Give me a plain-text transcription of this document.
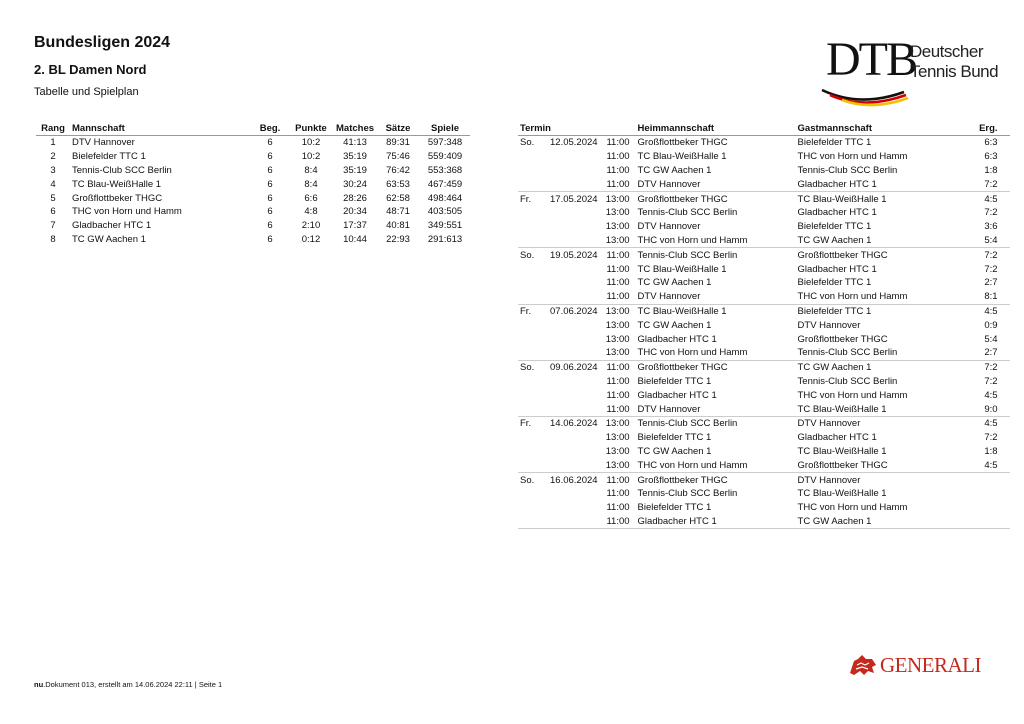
Bundesligen 2024
2. BL Damen Nord
Tabelle und Spielplan
DTB
Deutscher
Tennis Bund
Rang	Mannschaft	Beg.	Punkte	Matches	Sätze	Spiele
1	DTV Hannover	6	10:2	41:13	89:31	597:348
2	Bielefelder TTC 1	6	10:2	35:19	75:46	559:409
3	Tennis-Club SCC Berlin	6	8:4	35:19	76:42	553:368
4	TC Blau-WeißHalle 1	6	8:4	30:24	63:53	467:459
5	Großflottbeker THGC	6	6:6	28:26	62:58	498:464
6	THC von Horn und Hamm	6	4:8	20:34	48:71	403:505
7	Gladbacher HTC 1	6	2:10	17:37	40:81	349:551
8	TC GW Aachen 1	6	0:12	10:44	22:93	291:613
Termin			Heimmannschaft	Gastmannschaft	Erg.
So.	12.05.2024	11:00	Großflottbeker THGC	Bielefelder TTC 1	6:3
		11:00	TC Blau-WeißHalle 1	THC von Horn und Hamm	6:3
		11:00	TC GW Aachen 1	Tennis-Club SCC Berlin	1:8
		11:00	DTV Hannover	Gladbacher HTC 1	7:2
Fr.	17.05.2024	13:00	Großflottbeker THGC	TC Blau-WeißHalle 1	4:5
		13:00	Tennis-Club SCC Berlin	Gladbacher HTC 1	7:2
		13:00	DTV Hannover	Bielefelder TTC 1	3:6
		13:00	THC von Horn und Hamm	TC GW Aachen 1	5:4
So.	19.05.2024	11:00	Tennis-Club SCC Berlin	Großflottbeker THGC	7:2
		11:00	TC Blau-WeißHalle 1	Gladbacher HTC 1	7:2
		11:00	TC GW Aachen 1	Bielefelder TTC 1	2:7
		11:00	DTV Hannover	THC von Horn und Hamm	8:1
Fr.	07.06.2024	13:00	TC Blau-WeißHalle 1	Bielefelder TTC 1	4:5
		13:00	TC GW Aachen 1	DTV Hannover	0:9
		13:00	Gladbacher HTC 1	Großflottbeker THGC	5:4
		13:00	THC von Horn und Hamm	Tennis-Club SCC Berlin	2:7
So.	09.06.2024	11:00	Großflottbeker THGC	TC GW Aachen 1	7:2
		11:00	Bielefelder TTC 1	Tennis-Club SCC Berlin	7:2
		11:00	Gladbacher HTC 1	THC von Horn und Hamm	4:5
		11:00	DTV Hannover	TC Blau-WeißHalle 1	9:0
Fr.	14.06.2024	13:00	Tennis-Club SCC Berlin	DTV Hannover	4:5
		13:00	Bielefelder TTC 1	Gladbacher HTC 1	7:2
		13:00	TC GW Aachen 1	TC Blau-WeißHalle 1	1:8
		13:00	THC von Horn und Hamm	Großflottbeker THGC	4:5
So.	16.06.2024	11:00	Großflottbeker THGC	DTV Hannover	
		11:00	Tennis-Club SCC Berlin	TC Blau-WeißHalle 1	
		11:00	Bielefelder TTC 1	THC von Horn und Hamm	
		11:00	Gladbacher HTC 1	TC GW Aachen 1	
nu.Dokument 013, erstellt am 14.06.2024 22:11 | Seite 1
GENERALI
